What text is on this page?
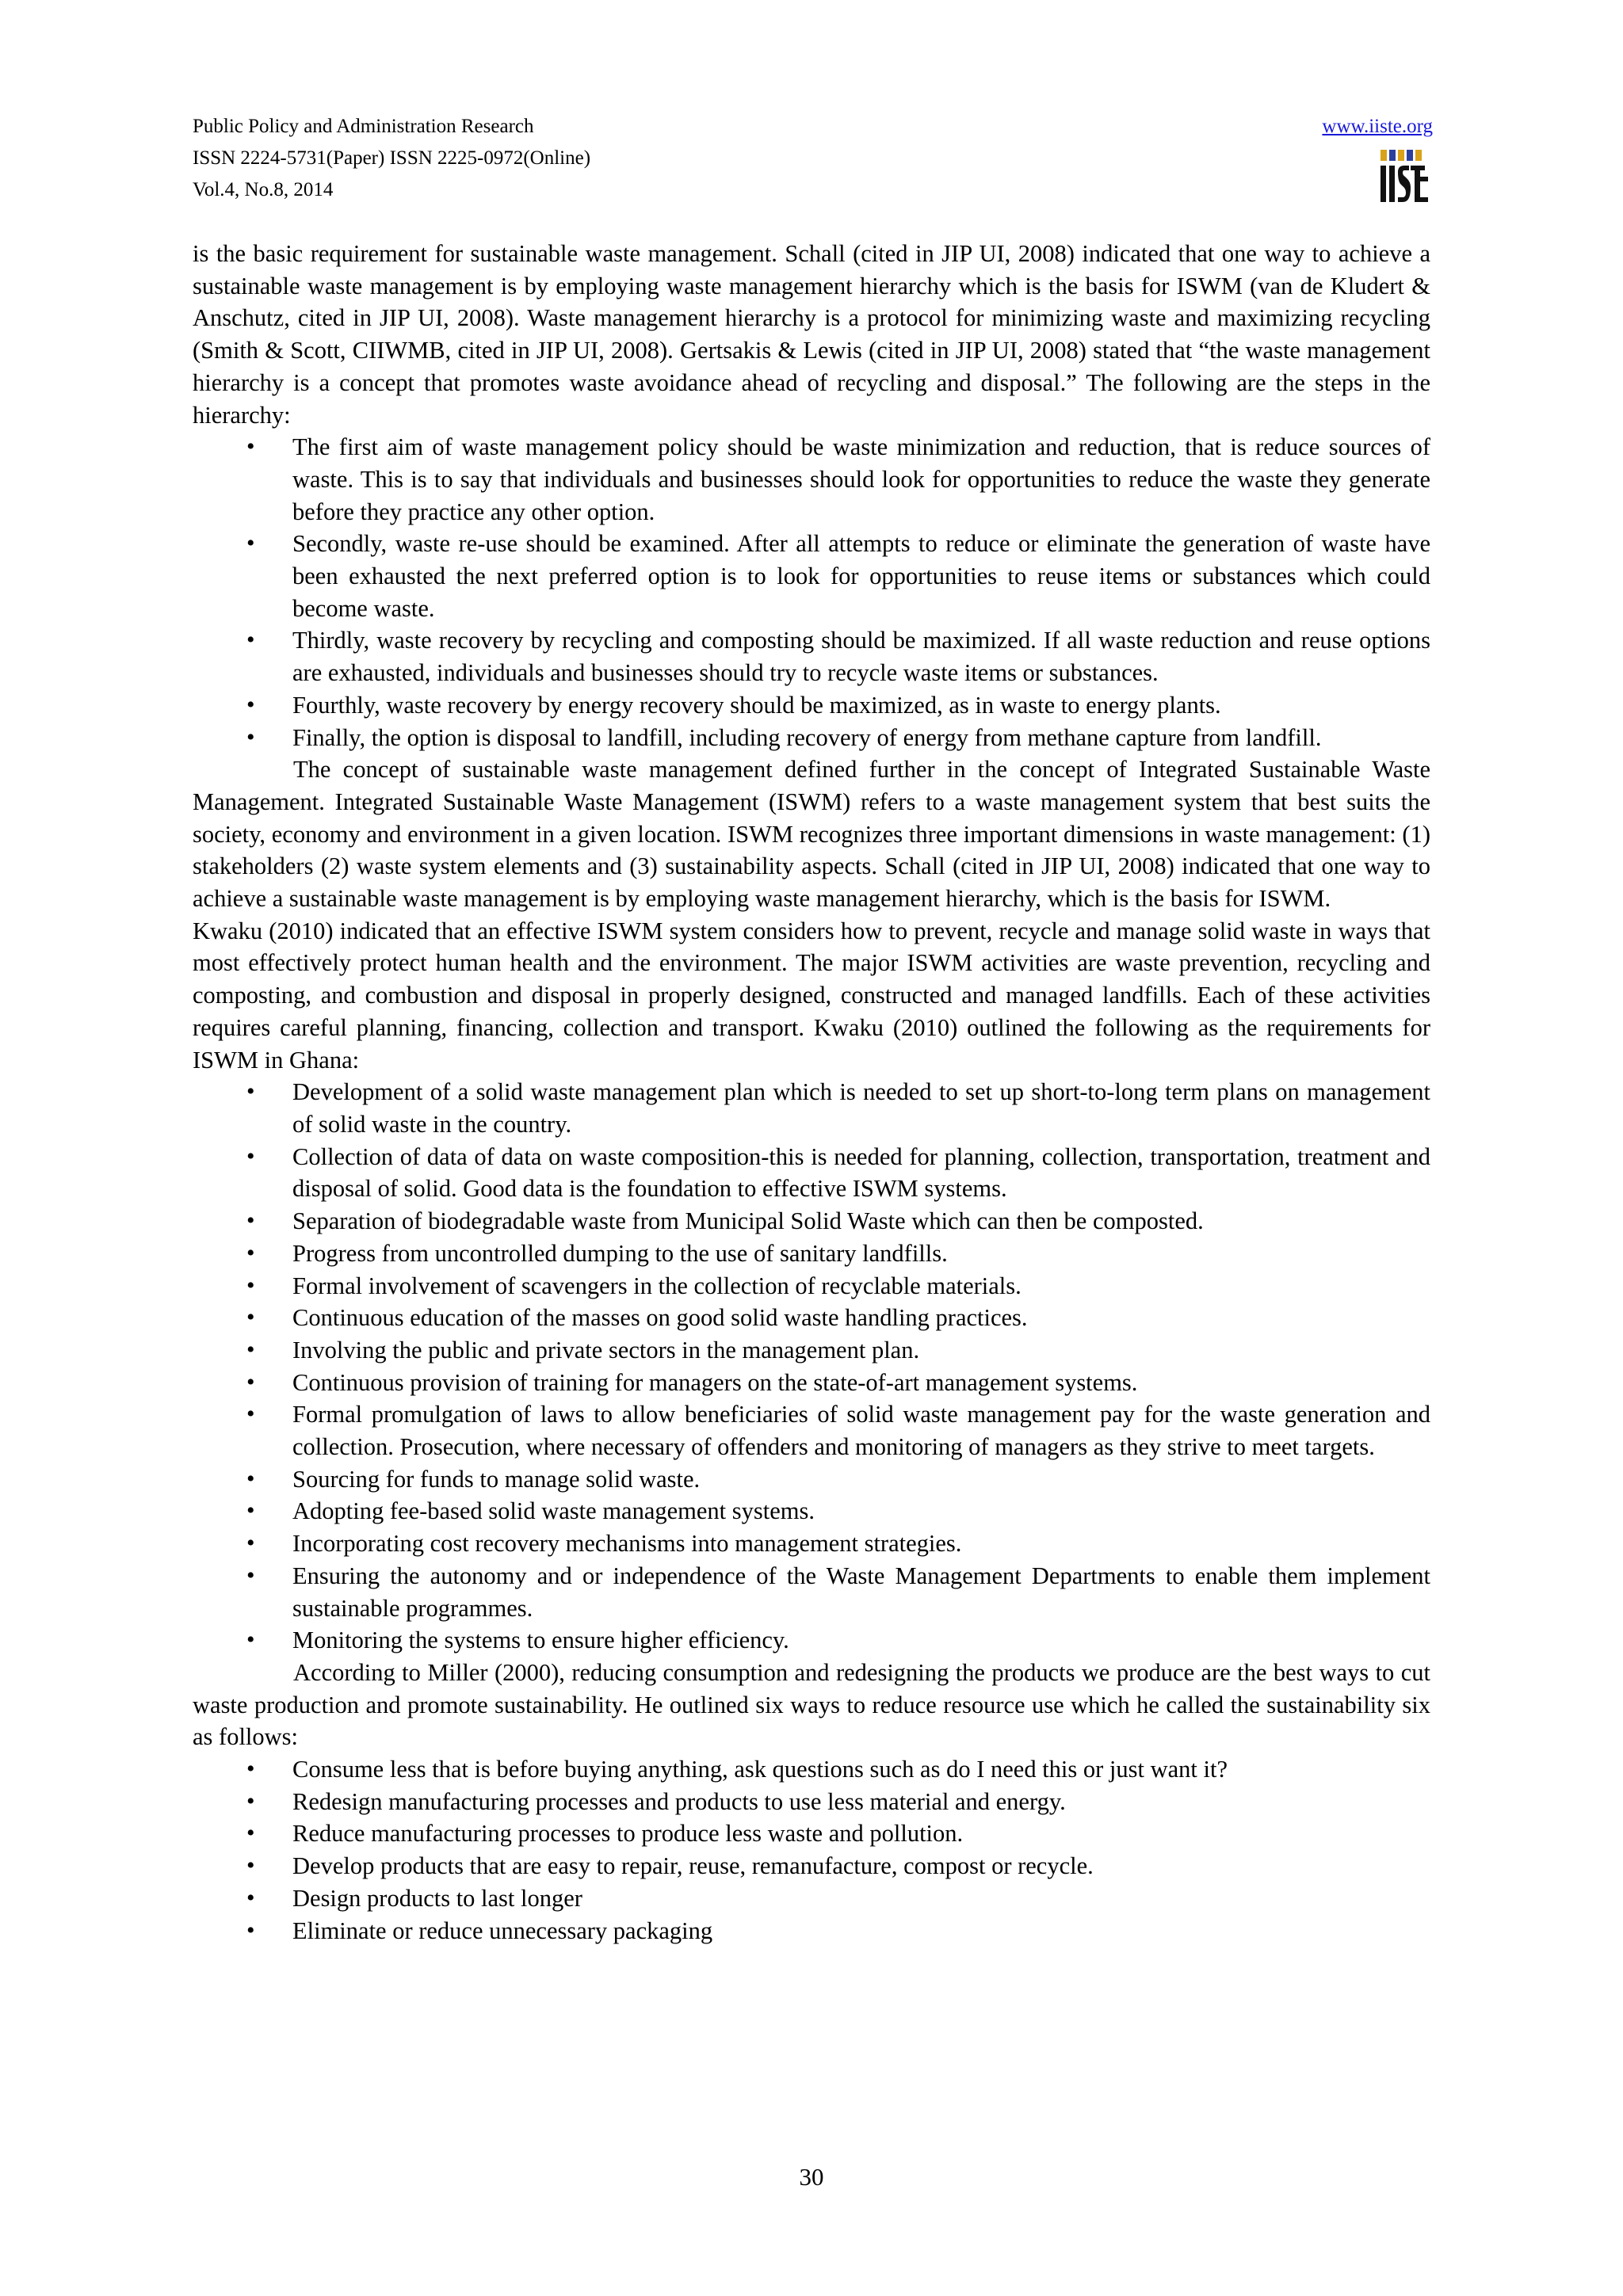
Public Policy and Administration Research
ISSN 2224-5731(Paper) ISSN 2225-0972(Online)
Vol.4, No.8, 2014
www.iiste.org

is the basic requirement for sustainable waste management. Schall (cited in JIP UI, 2008) indicated that one way to achieve a sustainable waste management is by employing waste management hierarchy which is the basis for ISWM (van de Kludert & Anschutz, cited in JIP UI, 2008). Waste management hierarchy is a protocol for minimizing waste and maximizing recycling (Smith & Scott, CIIWMB, cited in JIP UI, 2008). Gertsakis & Lewis (cited in JIP UI, 2008) stated that “the waste management hierarchy is a concept that promotes waste avoidance ahead of recycling and disposal.” The following are the steps in the hierarchy:

• The first aim of waste management policy should be waste minimization and reduction, that is reduce sources of waste. This is to say that individuals and businesses should look for opportunities to reduce the waste they generate before they practice any other option.
• Secondly, waste re-use should be examined. After all attempts to reduce or eliminate the generation of waste have been exhausted the next preferred option is to look for opportunities to reuse items or substances which could become waste.
• Thirdly, waste recovery by recycling and composting should be maximized. If all waste reduction and reuse options are exhausted, individuals and businesses should try to recycle waste items or substances.
• Fourthly, waste recovery by energy recovery should be maximized, as in waste to energy plants.
• Finally, the option is disposal to landfill, including recovery of energy from methane capture from landfill.

The concept of sustainable waste management defined further in the concept of Integrated Sustainable Waste Management. Integrated Sustainable Waste Management (ISWM) refers to a waste management system that best suits the society, economy and environment in a given location. ISWM recognizes three important dimensions in waste management: (1) stakeholders (2) waste system elements and (3) sustainability aspects. Schall (cited in JIP UI, 2008) indicated that one way to achieve a sustainable waste management is by employing waste management hierarchy, which is the basis for ISWM.

Kwaku (2010) indicated that an effective ISWM system considers how to prevent, recycle and manage solid waste in ways that most effectively protect human health and the environment. The major ISWM activities are waste prevention, recycling and composting, and combustion and disposal in properly designed, constructed and managed landfills. Each of these activities requires careful planning, financing, collection and transport. Kwaku (2010) outlined the following as the requirements for ISWM in Ghana:

• Development of a solid waste management plan which is needed to set up short-to-long term plans on management of solid waste in the country.
• Collection of data of data on waste composition-this is needed for planning, collection, transportation, treatment and disposal of solid. Good data is the foundation to effective ISWM systems.
• Separation of biodegradable waste from Municipal Solid Waste which can then be composted.
• Progress from uncontrolled dumping to the use of sanitary landfills.
• Formal involvement of scavengers in the collection of recyclable materials.
• Continuous education of the masses on good solid waste handling practices.
• Involving the public and private sectors in the management plan.
• Continuous provision of training for managers on the state-of-art management systems.
• Formal promulgation of laws to allow beneficiaries of solid waste management pay for the waste generation and collection. Prosecution, where necessary of offenders and monitoring of managers as they strive to meet targets.
• Sourcing for funds to manage solid waste.
• Adopting fee-based solid waste management systems.
• Incorporating cost recovery mechanisms into management strategies.
• Ensuring the autonomy and or independence of the Waste Management Departments to enable them implement sustainable programmes.
• Monitoring the systems to ensure higher efficiency.

According to Miller (2000), reducing consumption and redesigning the products we produce are the best ways to cut waste production and promote sustainability. He outlined six ways to reduce resource use which he called the sustainability six as follows:

• Consume less that is before buying anything, ask questions such as do I need this or just want it?
• Redesign manufacturing processes and products to use less material and energy.
• Reduce manufacturing processes to produce less waste and pollution.
• Develop products that are easy to repair, reuse, remanufacture, compost or recycle.
• Design products to last longer
• Eliminate or reduce unnecessary packaging
30
